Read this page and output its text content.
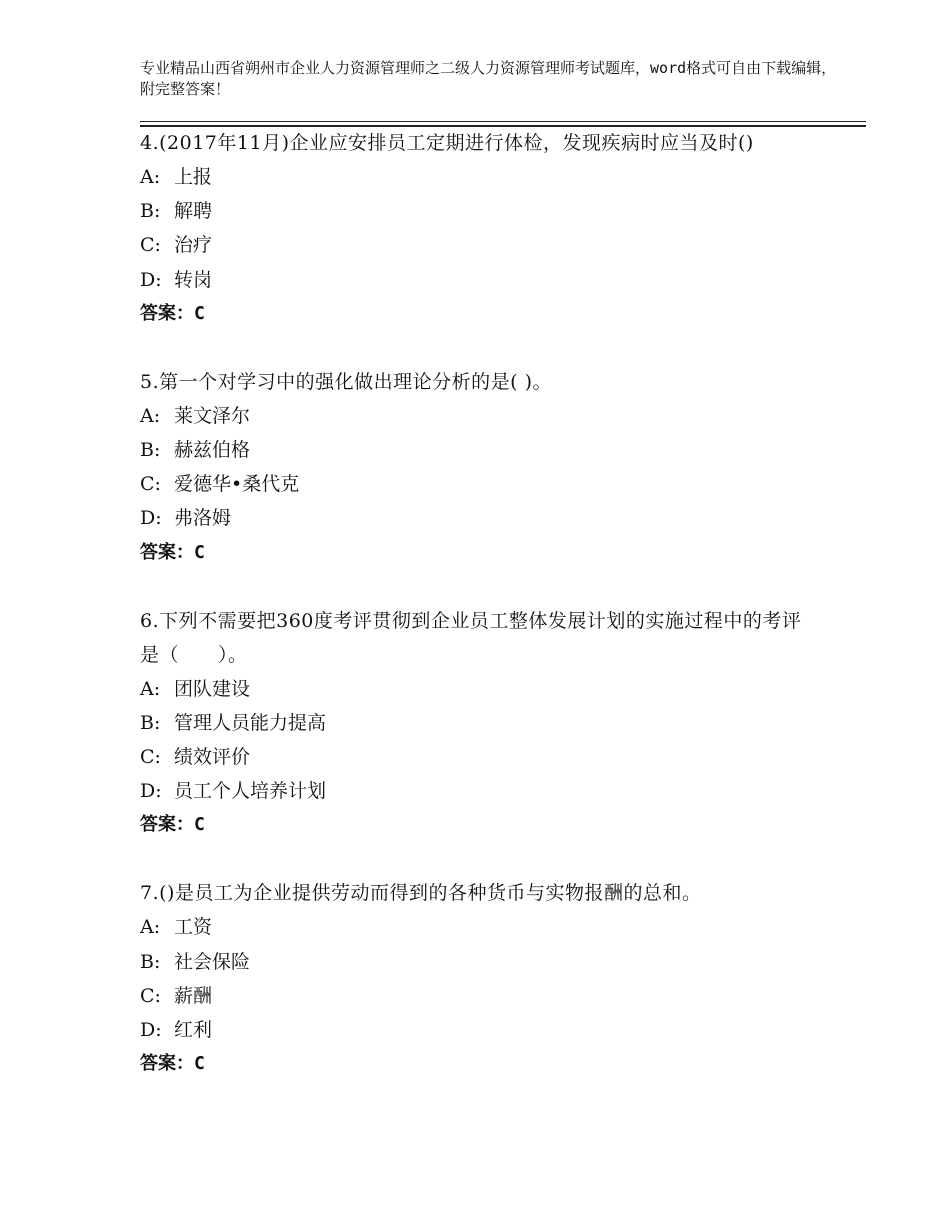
专业精品山西省朔州市企业人力资源管理师之二级人力资源管理师考试题库，word格式可自由下载编辑，附完整答案！
4.(2017年11月)企业应安排员工定期进行体检，发现疾病时应当及时()
A: 上报
B: 解聘
C: 治疗
D: 转岗
答案：C
5.第一个对学习中的强化做出理论分析的是( )。
A: 莱文泽尔
B: 赫兹伯格
C: 爱德华•桑代克
D: 弗洛姆
答案：C
6.下列不需要把360度考评贯彻到企业员工整体发展计划的实施过程中的考评是（　　）。
A: 团队建设
B: 管理人员能力提高
C: 绩效评价
D: 员工个人培养计划
答案：C
7.()是员工为企业提供劳动而得到的各种货币与实物报酬的总和。
A: 工资
B: 社会保险
C: 薪酬
D: 红利
答案：C
